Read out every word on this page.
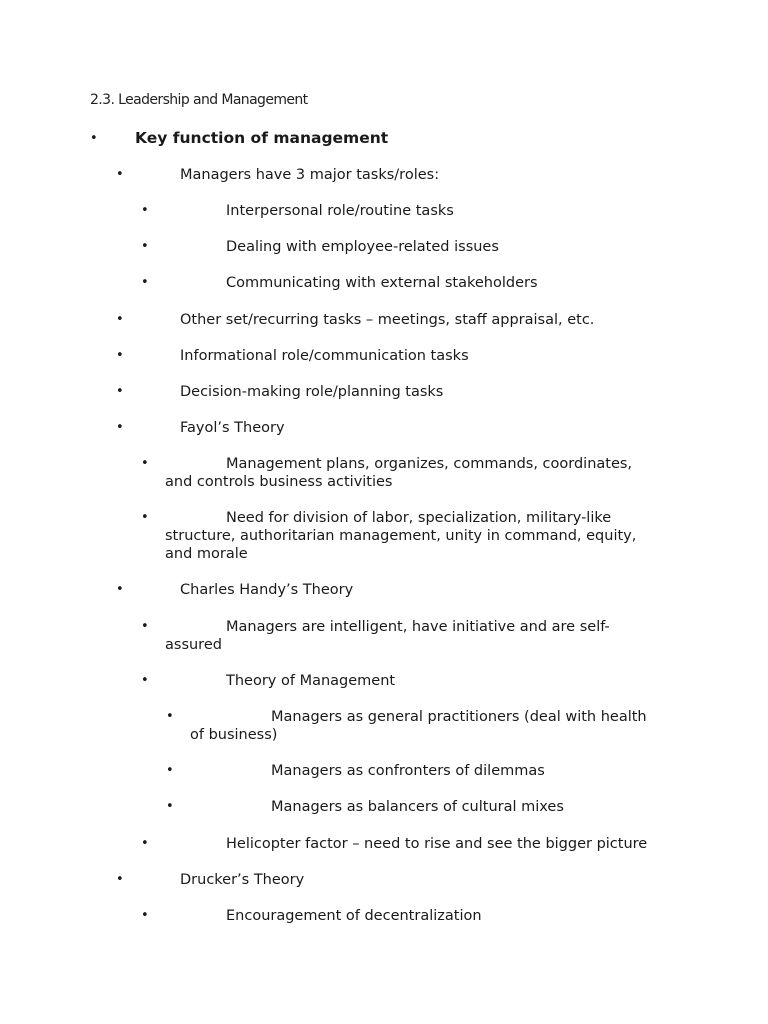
2.3. Leadership and Management
• Key function of management
•	Managers have 3 major tasks/roles:
•	Interpersonal role/routine tasks
•	Dealing with employee-related issues
•	Communicating with external stakeholders
•	Other set/recurring tasks – meetings, staff appraisal, etc.
•	Informational role/communication tasks
•	Decision-making role/planning tasks
•	Fayol’s Theory
•	Management plans, organizes, commands, coordinates,
and controls business activities
•	Need for division of labor, specialization, military-like
structure, authoritarian management, unity in command, equity,
and morale
•	Charles Handy’s Theory
•	Managers are intelligent, have initiative and are self-
assured
•	Theory of Management
•	Managers as general practitioners (deal with health
of business)
•	Managers as confronters of dilemmas
•	Managers as balancers of cultural mixes
•	Helicopter factor – need to rise and see the bigger picture
•	Drucker’s Theory
•	Encouragement of decentralization
